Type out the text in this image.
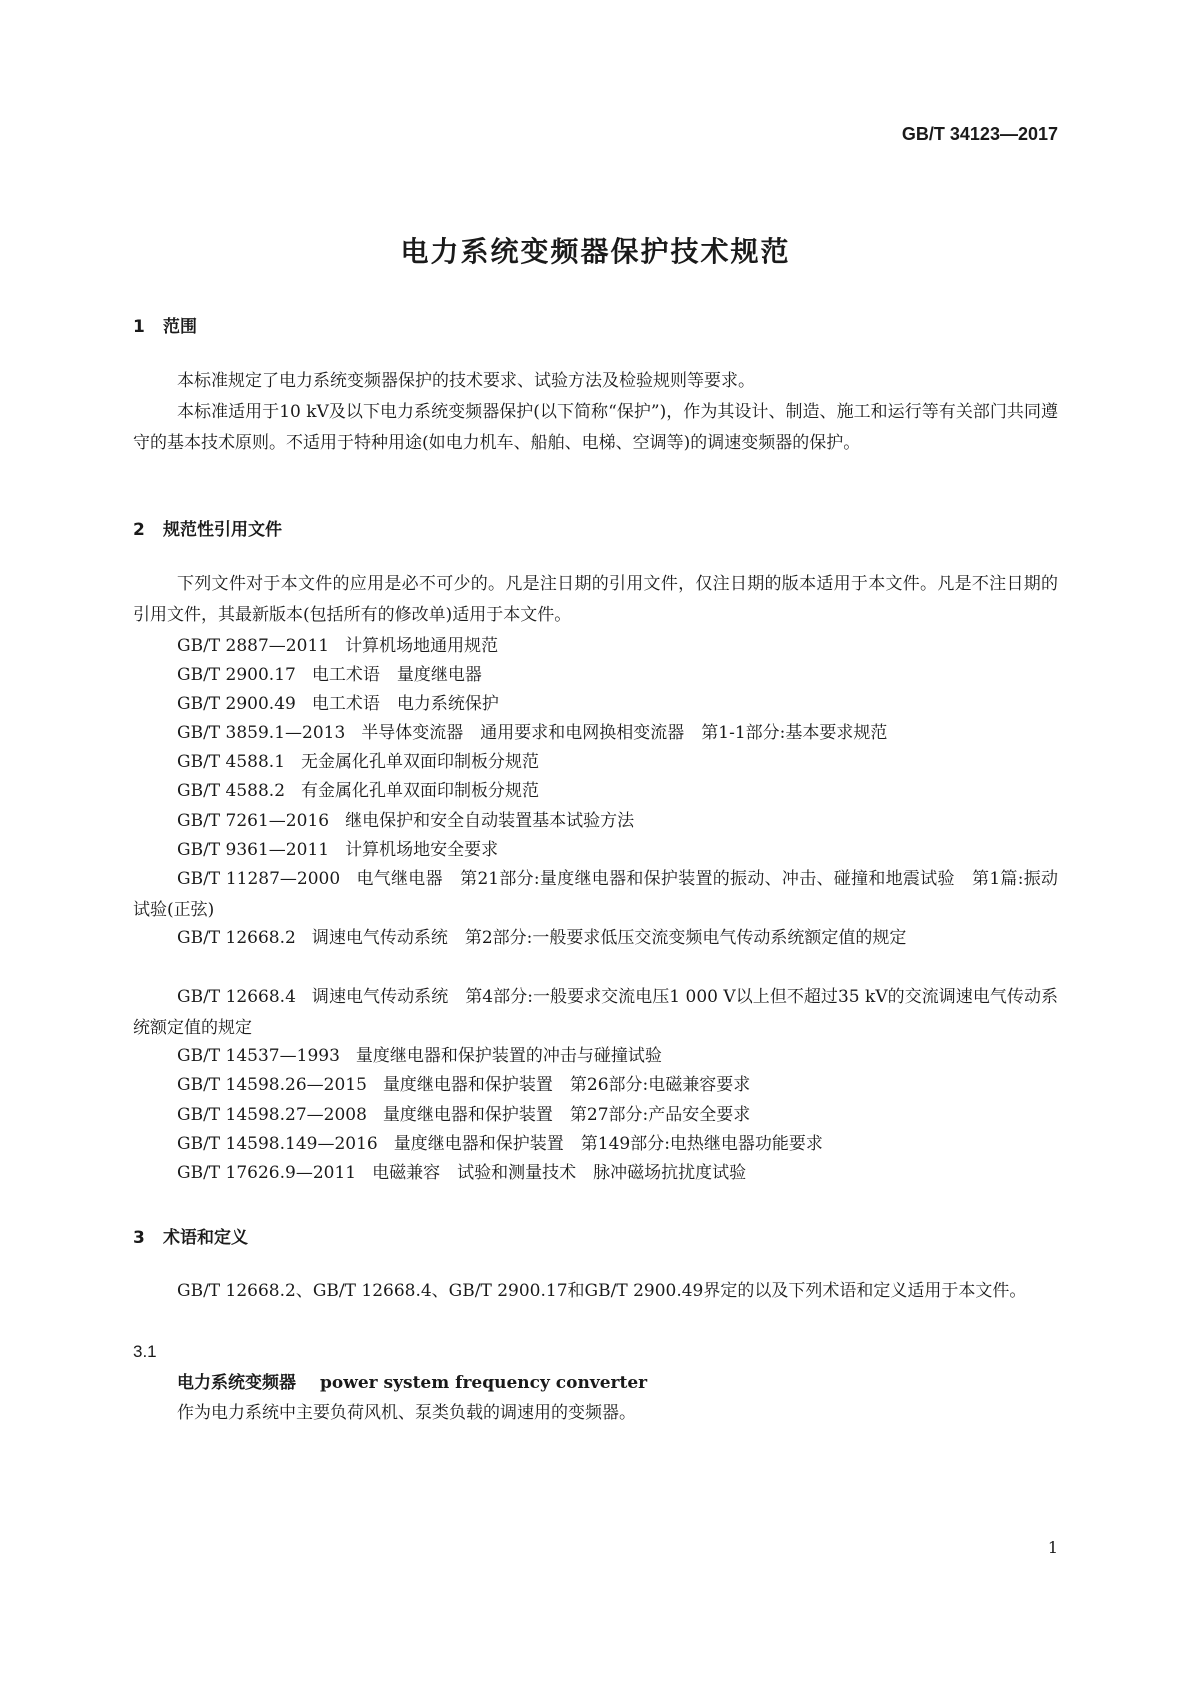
GB/T 34123—2017
电力系统变频器保护技术规范
1 范围
本标准规定了电力系统变频器保护的技术要求、试验方法及检验规则等要求。
本标准适用于10 kV及以下电力系统变频器保护(以下简称“保护”)，作为其设计、制造、施工和运行等有关部门共同遵守的基本技术原则。不适用于特种用途(如电力机车、船舶、电梯、空调等)的调速变频器的保护。
2 规范性引用文件
下列文件对于本文件的应用是必不可少的。凡是注日期的引用文件，仅注日期的版本适用于本文件。凡是不注日期的引用文件，其最新版本(包括所有的修改单)适用于本文件。
GB/T 2887—2011 计算机场地通用规范
GB/T 2900.17 电工术语　量度继电器
GB/T 2900.49 电工术语　电力系统保护
GB/T 3859.1—2013 半导体变流器　通用要求和电网换相变流器　第1-1部分:基本要求规范
GB/T 4588.1 无金属化孔单双面印制板分规范
GB/T 4588.2 有金属化孔单双面印制板分规范
GB/T 7261—2016 继电保护和安全自动装置基本试验方法
GB/T 9361—2011 计算机场地安全要求
GB/T 11287—2000 电气继电器　第21部分:量度继电器和保护装置的振动、冲击、碰撞和地震试验　第1篇:振动试验(正弦)
GB/T 12668.2 调速电气传动系统　第2部分:一般要求低压交流变频电气传动系统额定值的规定
GB/T 12668.4 调速电气传动系统　第4部分:一般要求交流电压1 000 V以上但不超过35 kV的交流调速电气传动系统额定值的规定
GB/T 14537—1993 量度继电器和保护装置的冲击与碰撞试验
GB/T 14598.26—2015 量度继电器和保护装置　第26部分:电磁兼容要求
GB/T 14598.27—2008 量度继电器和保护装置　第27部分:产品安全要求
GB/T 14598.149—2016 量度继电器和保护装置　第149部分:电热继电器功能要求
GB/T 17626.9—2011 电磁兼容　试验和测量技术　脉冲磁场抗扰度试验
3 术语和定义
GB/T 12668.2、GB/T 12668.4、GB/T 2900.17和GB/T 2900.49界定的以及下列术语和定义适用于本文件。
3.1
电力系统变频器 power system frequency converter
作为电力系统中主要负荷风机、泵类负载的调速用的变频器。
1
